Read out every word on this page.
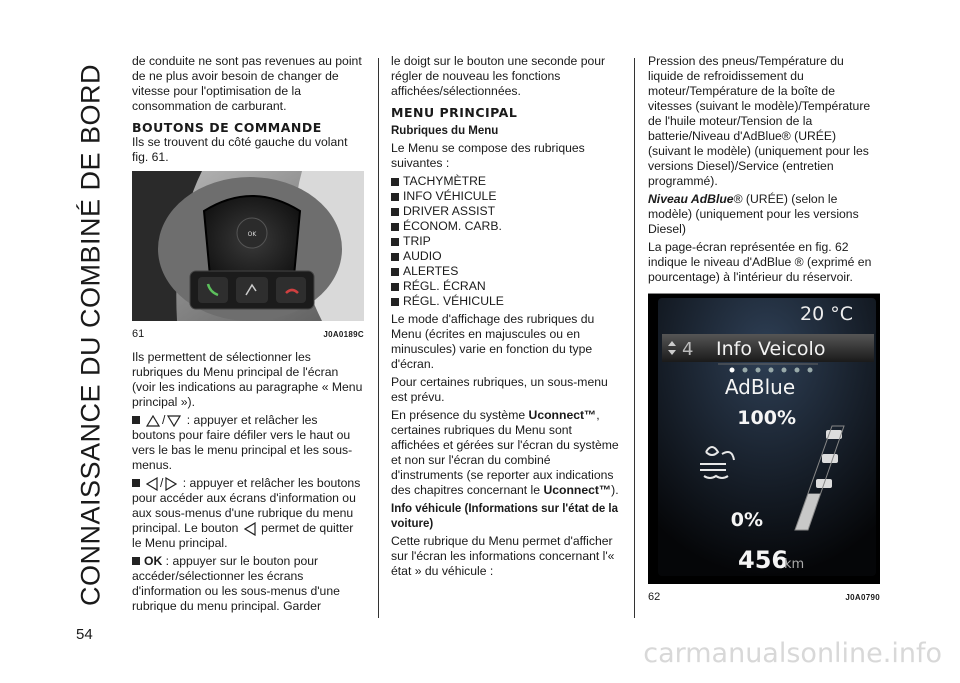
CONNAISSANCE DU COMBINÉ DE BORD
54

de conduite ne sont pas revenues au point de ne plus avoir besoin de changer de vitesse pour l'optimisation de la consommation de carburant.

BOUTONS DE COMMANDE

Ils se trouvent du côté gauche du volant fig. 61.

OK
61	J0A0189C

Ils permettent de sélectionner les rubriques du Menu principal de l'écran (voir les indications au paragraphe « Menu principal »).

/ : appuyer et relâcher les boutons pour faire défiler vers le haut ou vers le bas le menu principal et les sous-menus.

/ : appuyer et relâcher les boutons pour accéder aux écrans d'information ou aux sous-menus d'une rubrique du menu principal. Le bouton permet de quitter le Menu principal.

OK : appuyer sur le bouton pour accéder/sélectionner les écrans d'information ou les sous-menus d'une rubrique du menu principal. Garder

le doigt sur le bouton une seconde pour régler de nouveau les fonctions affichées/sélectionnées.

MENU PRINCIPAL
Rubriques du Menu

Le Menu se compose des rubriques suivantes :

TACHYMÈTRE
INFO VÉHICULE
DRIVER ASSIST
ÉCONOM. CARB.
TRIP
AUDIO
ALERTES
RÉGL. ÉCRAN
RÉGL. VÉHICULE

Le mode d'affichage des rubriques du Menu (écrites en majuscules ou en minuscules) varie en fonction du type d'écran.

Pour certaines rubriques, un sous-menu est prévu.

En présence du système Uconnect™, certaines rubriques du Menu sont affichées et gérées sur l'écran du système et non sur l'écran du combiné d'instruments (se reporter aux indications des chapitres concernant le Uconnect™).

Info véhicule (Informations sur l'état de la voiture)

Cette rubrique du Menu permet d'afficher sur l'écran les informations concernant l'« état » du véhicule :

Pression des pneus/Température du liquide de refroidissement du moteur/Température de la boîte de vitesses (suivant le modèle)/Température de l'huile moteur/Tension de la batterie/Niveau d'AdBlue® (URÉE) (suivant le modèle) (uniquement pour les versions Diesel)/Service (entretien programmé).

Niveau AdBlue® (URÉE) (selon le modèle) (uniquement pour les versions Diesel)

La page-écran représentée en fig. 62 indique le niveau d'AdBlue ® (exprimé en pourcentage) à l'intérieur du réservoir.

20 °C
4 Info Veicolo
AdBlue
100%
0%
456
km
62	J0A0790
carmanualsonline.info
